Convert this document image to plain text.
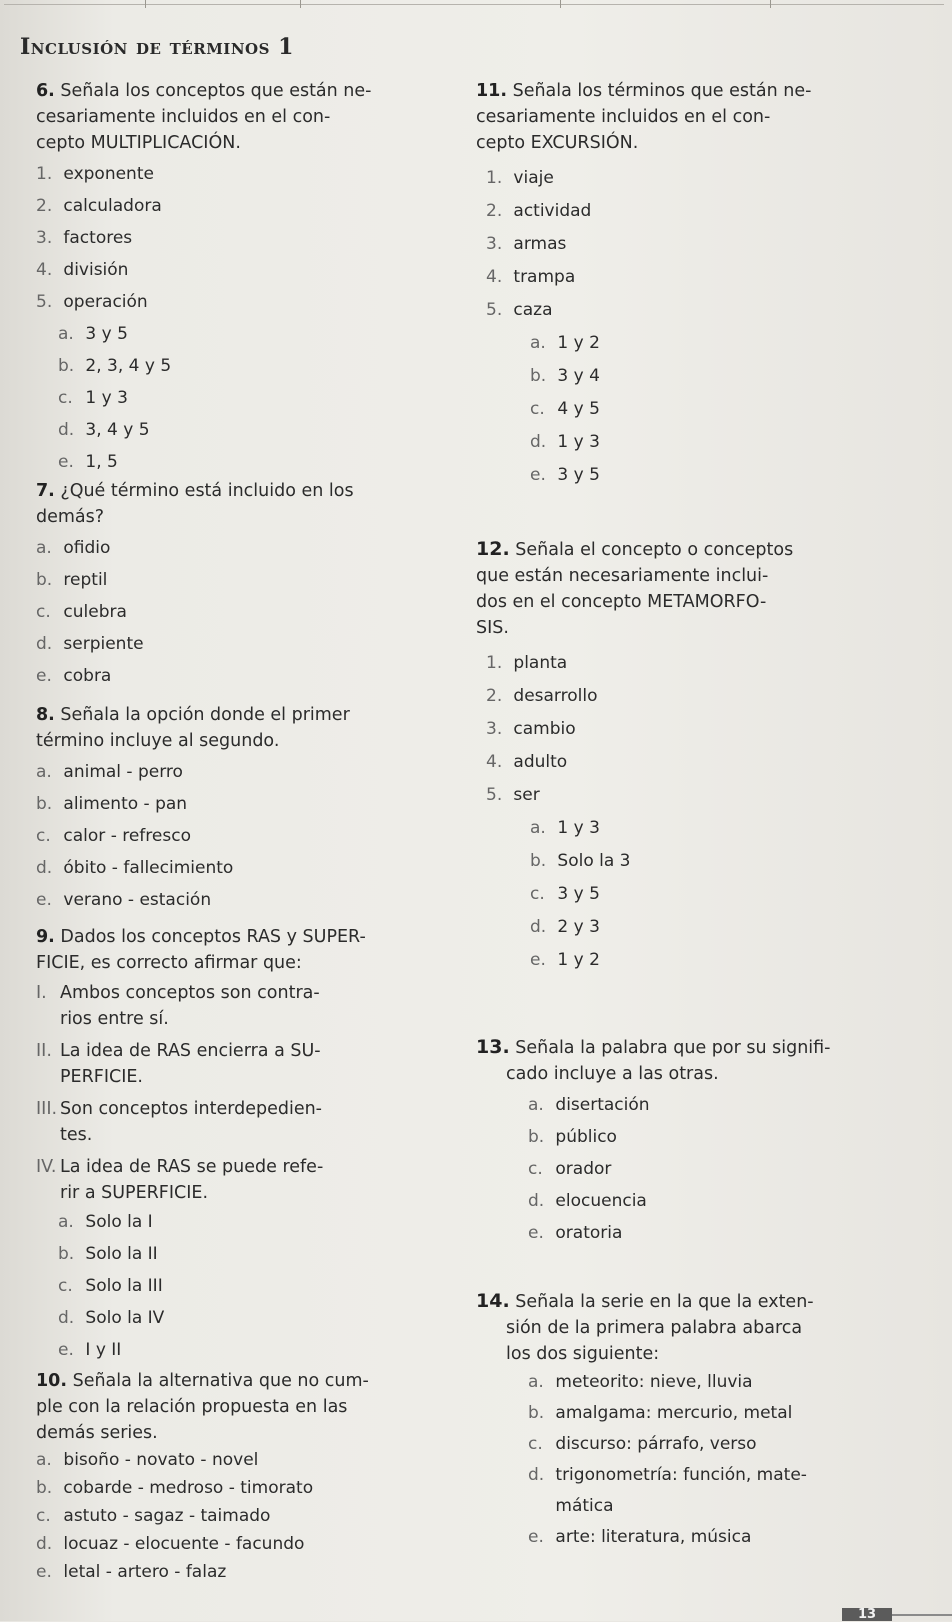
Inclusión de términos 1
6. Señala los conceptos que están ne-
cesariamente incluidos en el con-
cepto MULTIPLICACIÓN.
1. exponente
2. calculadora
3. factores
4. división
5. operación
a. 3 y 5
b. 2, 3, 4 y 5
c. 1 y 3
d. 3, 4 y 5
e. 1, 5
7. ¿Qué término está incluido en los
demás?
a. ofidio
b. reptil
c. culebra
d. serpiente
e. cobra
8. Señala la opción donde el primer
término incluye al segundo.
a. animal - perro
b. alimento - pan
c. calor - refresco
d. óbito - fallecimiento
e. verano - estación
9. Dados los conceptos RAS y SUPER-
FICIE, es correcto afirmar que:
I. Ambos conceptos son contra-
rios entre sí.
II. La idea de RAS encierra a SU-
PERFICIE.
III. Son conceptos interdepedien-
tes.
IV. La idea de RAS se puede refe-
rir a SUPERFICIE.
a. Solo la I
b. Solo la II
c. Solo la III
d. Solo la IV
e. I y II
10. Señala la alternativa que no cum-
ple con la relación propuesta en las
demás series.
a. bisoño - novato - novel
b. cobarde - medroso - timorato
c. astuto - sagaz - taimado
d. locuaz - elocuente - facundo
e. letal - artero - falaz
11. Señala los términos que están ne-
cesariamente incluidos en el con-
cepto EXCURSIÓN.
1. viaje
2. actividad
3. armas
4. trampa
5. caza
a. 1 y 2
b. 3 y 4
c. 4 y 5
d. 1 y 3
e. 3 y 5
12. Señala el concepto o conceptos
que están necesariamente inclui-
dos en el concepto METAMORFO-
SIS.
1. planta
2. desarrollo
3. cambio
4. adulto
5. ser
a. 1 y 3
b. Solo la 3
c. 3 y 5
d. 2 y 3
e. 1 y 2
13. Señala la palabra que por su signifi-
cado incluye a las otras.
a. disertación
b. público
c. orador
d. elocuencia
e. oratoria
14. Señala la serie en la que la exten-
sión de la primera palabra abarca
los dos siguiente:
a. meteorito: nieve, lluvia
b. amalgama: mercurio, metal
c. discurso: párrafo, verso
d. trigonometría: función, mate-
mática
e. arte: literatura, música
13
